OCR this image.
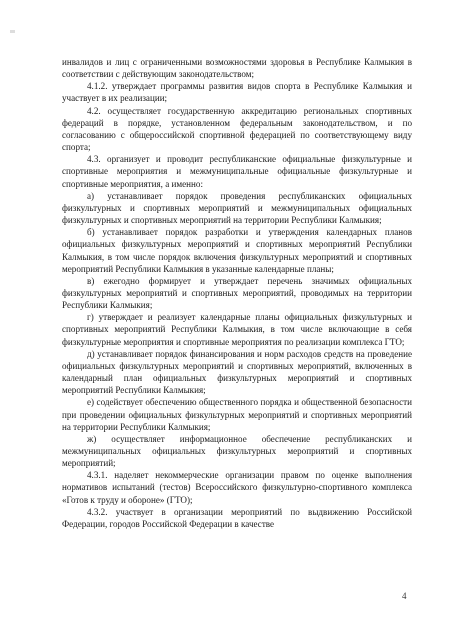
инвалидов и лиц с ограниченными возможностями здоровья в Республике Калмыкия в соответствии с действующим законодательством;

4.1.2. утверждает программы развития видов спорта в Республике Калмыкия и участвует в их реализации;

4.2. осуществляет государственную аккредитацию региональных спортивных федераций в порядке, установленном федеральным законодательством, и по согласованию с общероссийской спортивной федерацией по соответствующему виду спорта;

4.3. организует и проводит республиканские официальные физкультурные и спортивные мероприятия и межмуниципальные официальные физкультурные и спортивные мероприятия, а именно:

а) устанавливает порядок проведения республиканских официальных физкультурных и спортивных мероприятий и межмуниципальных официальных физкультурных и спортивных мероприятий на территории Республики Калмыкия;

б) устанавливает порядок разработки и утверждения календарных планов официальных физкультурных мероприятий и спортивных мероприятий Республики Калмыкия, в том числе порядок включения физкультурных мероприятий и спортивных мероприятий Республики Калмыкия в указанные календарные планы;

в) ежегодно формирует и утверждает перечень значимых официальных физкультурных мероприятий и спортивных мероприятий, проводимых на территории Республики Калмыкия;

г) утверждает и реализует календарные планы официальных физкультурных и спортивных мероприятий Республики Калмыкия, в том числе включающие в себя физкультурные мероприятия и спортивные мероприятия по реализации комплекса ГТО;

д) устанавливает порядок финансирования и норм расходов средств на проведение официальных физкультурных мероприятий и спортивных мероприятий, включенных в календарный план официальных физкультурных мероприятий и спортивных мероприятий Республики Калмыкия;

е) содействует обеспечению общественного порядка и общественной безопасности при проведении официальных физкультурных мероприятий и спортивных мероприятий на территории Республики Калмыкия;

ж) осуществляет информационное обеспечение республиканских и межмуниципальных официальных физкультурных мероприятий и спортивных мероприятий;

4.3.1. наделяет некоммерческие организации правом по оценке выполнения нормативов испытаний (тестов) Всероссийского физкультурно-спортивного комплекса «Готов к труду и обороне» (ГТО);

4.3.2. участвует в организации мероприятий по выдвижению Российской Федерации, городов Российской Федерации в качестве

4
